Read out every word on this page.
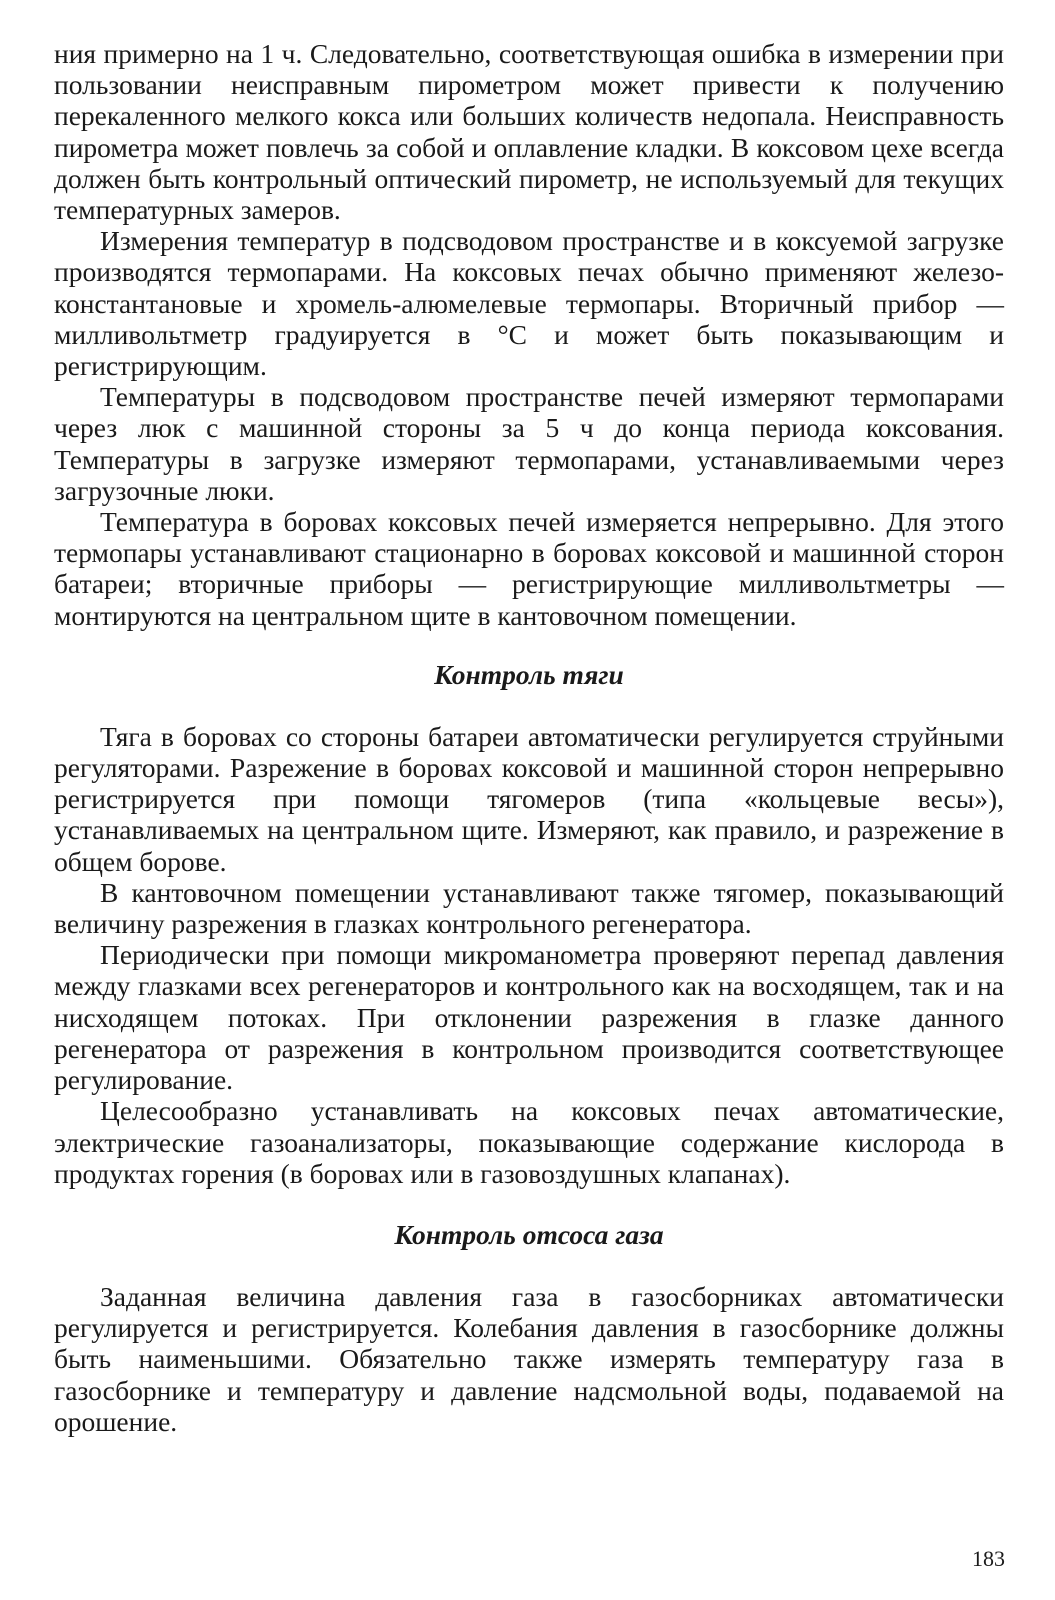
ния примерно на 1 ч. Следовательно, соответствующая ошибка в измерении при пользовании неисправным пирометром может привести к получению перекаленного мелкого кокса или больших количеств недопала. Неисправность пирометра может повлечь за собой и оплавление кладки. В коксовом цехе всегда должен быть контрольный оптический пирометр, не используемый для текущих температурных замеров.

Измерения температур в подсводовом пространстве и в коксуемой загрузке производятся термопарами. На коксовых печах обычно применяют железо-константановые и хромель-алюмелевые термопары. Вторичный прибор — милливольтметр градуируется в °С и может быть показывающим и регистрирующим.

Температуры в подсводовом пространстве печей измеряют термопарами через люк с машинной стороны за 5 ч до конца периода коксования. Температуры в загрузке измеряют термопарами, устанавливаемыми через загрузочные люки.

Температура в боровах коксовых печей измеряется непрерывно. Для этого термопары устанавливают стационарно в боровах коксовой и машинной сторон батареи; вторичные приборы — регистрирующие милливольтметры — монтируются на центральном щите в кантовочном помещении.

Контроль тяги

Тяга в боровах со стороны батареи автоматически регулируется струйными регуляторами. Разрежение в боровах коксовой и машинной сторон непрерывно регистрируется при помощи тягомеров (типа «кольцевые весы»), устанавливаемых на центральном щите. Измеряют, как правило, и разрежение в общем борове.

В кантовочном помещении устанавливают также тягомер, показывающий величину разрежения в глазках контрольного регенератора.

Периодически при помощи микроманометра проверяют перепад давления между глазками всех регенераторов и контрольного как на восходящем, так и на нисходящем потоках. При отклонении разрежения в глазке данного регенератора от разрежения в контрольном производится соответствующее регулирование.

Целесообразно устанавливать на коксовых печах автоматические, электрические газоанализаторы, показывающие содержание кислорода в продуктах горения (в боровах или в газовоздушных клапанах).

Контроль отсоса газа

Заданная величина давления газа в газосборниках автоматически регулируется и регистрируется. Колебания давления в газосборнике должны быть наименьшими. Обязательно также измерять температуру газа в газосборнике и температуру и давление надсмольной воды, подаваемой на орошение.

183
